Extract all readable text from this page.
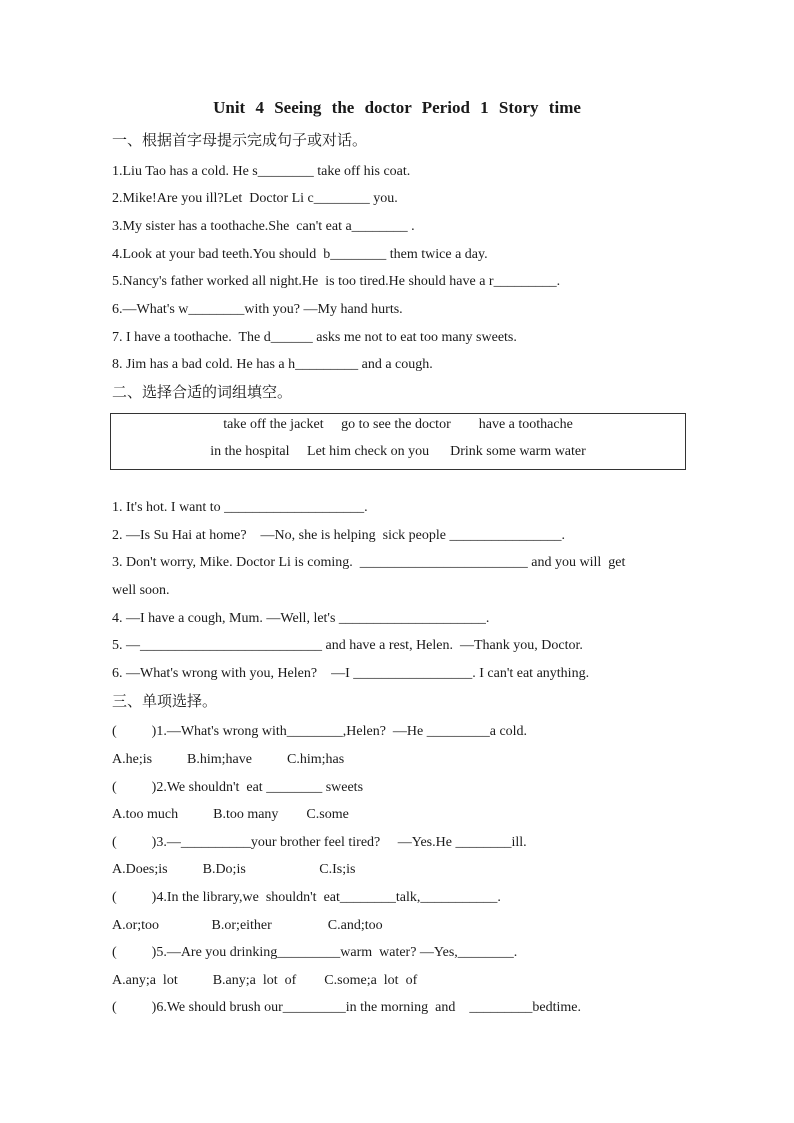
Unit 4 Seeing the doctor Period 1 Story time
一、根据首字母提示完成句子或对话。
1.Liu Tao has a cold. He s________ take off his coat.
2.Mike!Are you ill?Let  Doctor Li c________ you.
3.My sister has a toothache.She  can't eat a________ .
4.Look at your bad teeth.You should  b________ them twice a day.
5.Nancy's father worked all night.He  is too tired.He should have a r_________.
6.—What's w________with you? —My hand hurts.
7. I have a toothache.  The d______ asks me not to eat too many sweets.
8. Jim has a bad cold. He has a h_________ and a cough.
二、选择合适的词组填空。
take off the jacket     go to see the doctor        have a toothache
in the hospital     Let him check on you      Drink some warm water
1. It's hot. I want to ____________________.
2. —Is Su Hai at home?    —No, she is helping  sick people ________________.
3. Don't worry, Mike. Doctor Li is coming.  ________________________ and you will  get
well soon.
4. —I have a cough, Mum. —Well, let's _____________________.
5. —__________________________ and have a rest, Helen.  —Thank you, Doctor.
6. —What's wrong with you, Helen?    —I _________________. I can't eat anything.
三、单项选择。
(          )1.—What's wrong with________,Helen?  —He _________a cold.
A.he;is          B.him;have          C.him;has
(          )2.We shouldn't  eat ________ sweets
A.too much          B.too many        C.some
(          )3.—__________your brother feel tired?     —Yes.He ________ill.
A.Does;is          B.Do;is                     C.Is;is
(          )4.In the library,we  shouldn't  eat________talk,___________.
A.or;too               B.or;either                C.and;too
(          )5.—Are you drinking_________warm  water? —Yes,________.
A.any;a  lot          B.any;a  lot  of        C.some;a  lot  of
(          )6.We should brush our_________in the morning  and    _________bedtime.
